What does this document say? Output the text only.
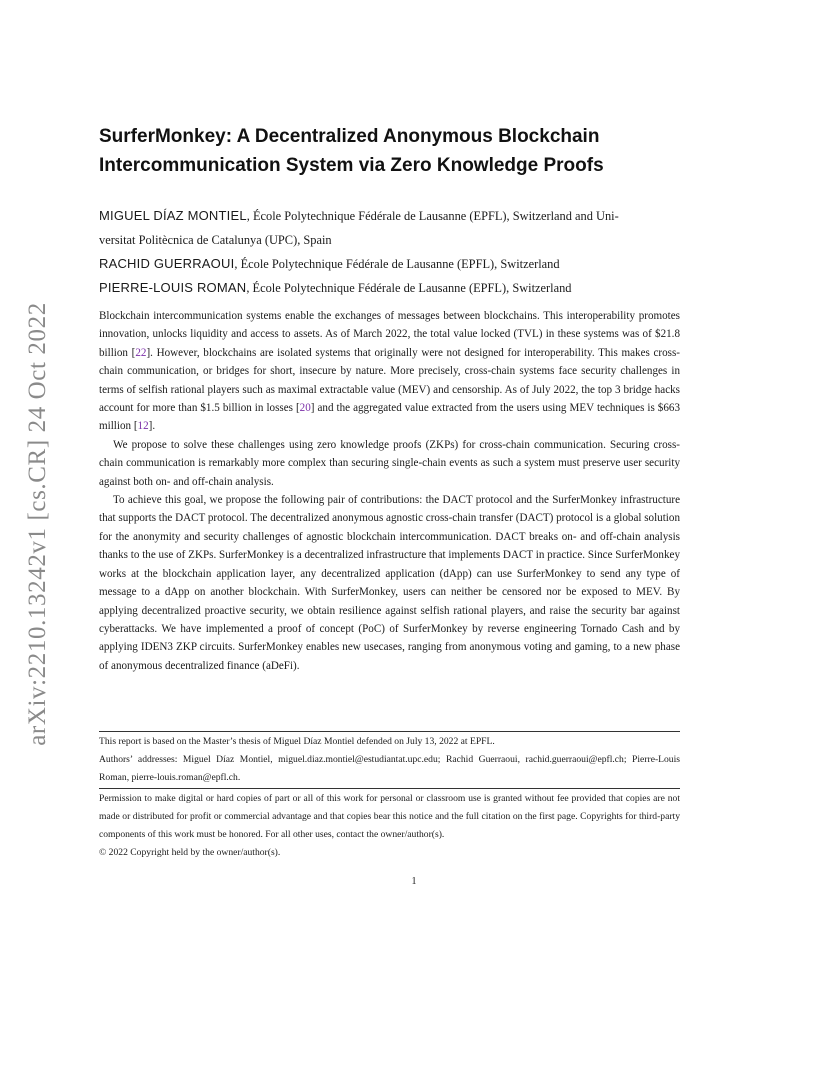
arXiv:2210.13242v1 [cs.CR] 24 Oct 2022
SurferMonkey: A Decentralized Anonymous Blockchain
Intercommunication System via Zero Knowledge Proofs
MIGUEL DÍAZ MONTIEL, École Polytechnique Fédérale de Lausanne (EPFL), Switzerland and Uni-
versitat Politècnica de Catalunya (UPC), Spain
RACHID GUERRAOUI, École Polytechnique Fédérale de Lausanne (EPFL), Switzerland
PIERRE-LOUIS ROMAN, École Polytechnique Fédérale de Lausanne (EPFL), Switzerland

Blockchain intercommunication systems enable the exchanges of messages between blockchains. This interoperability promotes innovation, unlocks liquidity and access to assets. As of March 2022, the total value locked (TVL) in these systems was of $21.8 billion [22]. However, blockchains are isolated systems that originally were not designed for interoperability. This makes cross-chain communication, or bridges for short, insecure by nature. More precisely, cross-chain systems face security challenges in terms of selfish rational players such as maximal extractable value (MEV) and censorship. As of July 2022, the top 3 bridge hacks account for more than $1.5 billion in losses [20] and the aggregated value extracted from the users using MEV techniques is $663 million [12].

We propose to solve these challenges using zero knowledge proofs (ZKPs) for cross-chain communication. Securing cross-chain communication is remarkably more complex than securing single-chain events as such a system must preserve user security against both on- and off-chain analysis.

To achieve this goal, we propose the following pair of contributions: the DACT protocol and the SurferMonkey infrastructure that supports the DACT protocol. The decentralized anonymous agnostic cross-chain transfer (DACT) protocol is a global solution for the anonymity and security challenges of agnostic blockchain intercommunication. DACT breaks on- and off-chain analysis thanks to the use of ZKPs. SurferMonkey is a decentralized infrastructure that implements DACT in practice. Since SurferMonkey works at the blockchain application layer, any decentralized application (dApp) can use SurferMonkey to send any type of message to a dApp on another blockchain. With SurferMonkey, users can neither be censored nor be exposed to MEV. By applying decentralized proactive security, we obtain resilience against selfish rational players, and raise the security bar against cyberattacks. We have implemented a proof of concept (PoC) of SurferMonkey by reverse engineering Tornado Cash and by applying IDEN3 ZKP circuits. SurferMonkey enables new usecases, ranging from anonymous voting and gaming, to a new phase of anonymous decentralized finance (aDeFi).

This report is based on the Master’s thesis of Miguel Díaz Montiel defended on July 13, 2022 at EPFL.

Authors’ addresses: Miguel Díaz Montiel, miguel.diaz.montiel@estudiantat.upc.edu; Rachid Guerraoui, rachid.guerraoui@epfl.ch; Pierre-Louis Roman, pierre-louis.roman@epfl.ch.

Permission to make digital or hard copies of part or all of this work for personal or classroom use is granted without fee provided that copies are not made or distributed for profit or commercial advantage and that copies bear this notice and the full citation on the first page. Copyrights for third-party components of this work must be honored. For all other uses, contact the owner/author(s).

© 2022 Copyright held by the owner/author(s).

1
